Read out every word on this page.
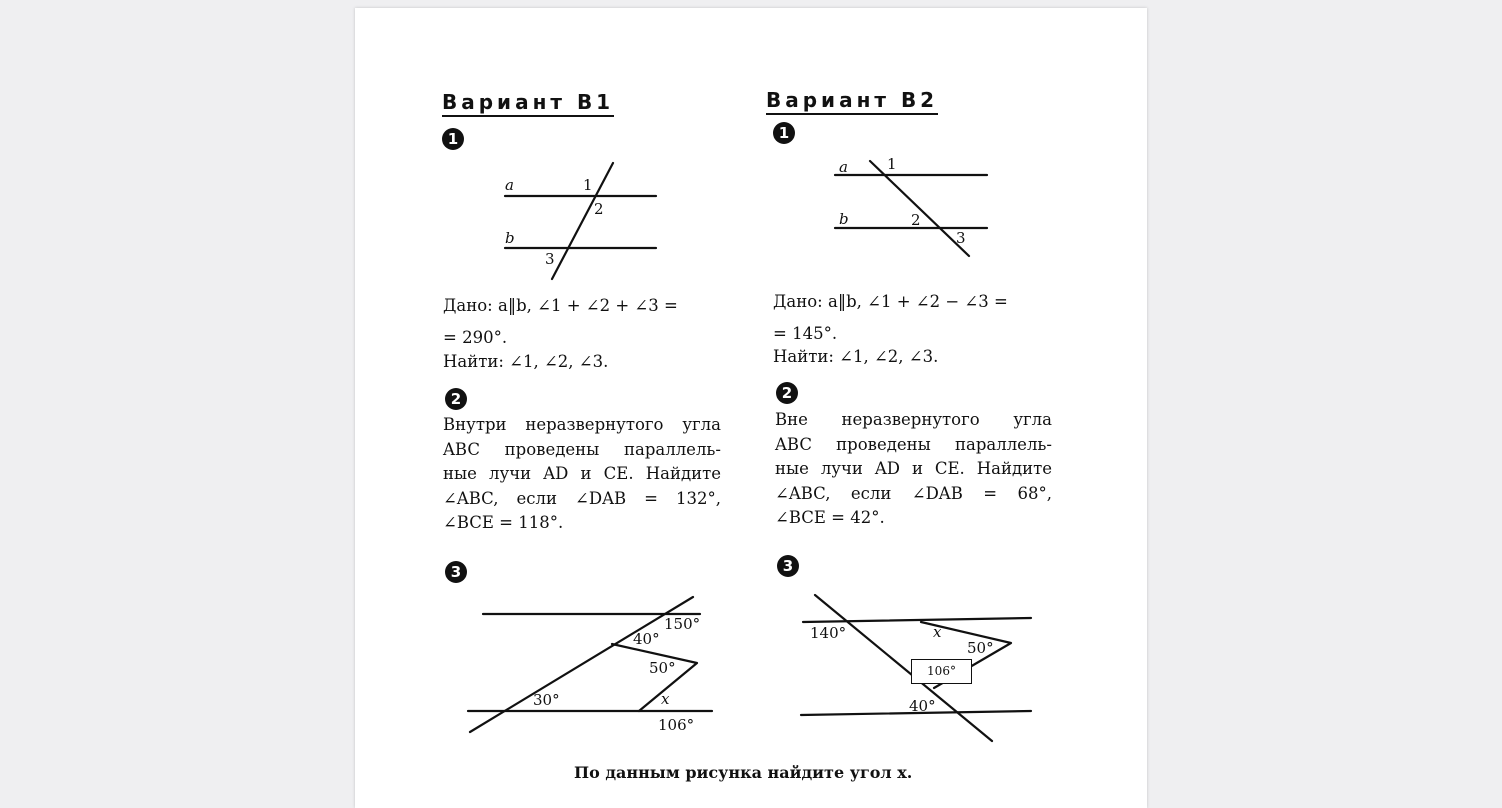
Вариант В1
1
a	1
2
b
3
Дано: a‖b, ∠1 + ∠2 + ∠3 =
= 290°.
Найти: ∠1, ∠2, ∠3.
2
Внутри неразвернутого угла
ABC проведены параллель-
ные лучи AD и CE. Найдите
∠ABC, если ∠DAB = 132°,
∠BCE = 118°.
3
150°
40°
50°
30°	x
106°
Вариант В2
1
a	1
b	2
3
Дано: a‖b, ∠1 + ∠2 − ∠3 =
= 145°.
Найти: ∠1, ∠2, ∠3.
2
Вне неразвернутого угла
ABC проведены параллель-
ные лучи AD и CE. Найдите
∠ABC, если ∠DAB = 68°,
∠BCE = 42°.
3
140°	x
50°
106°
40°
По данным рисунка найдите угол x.
